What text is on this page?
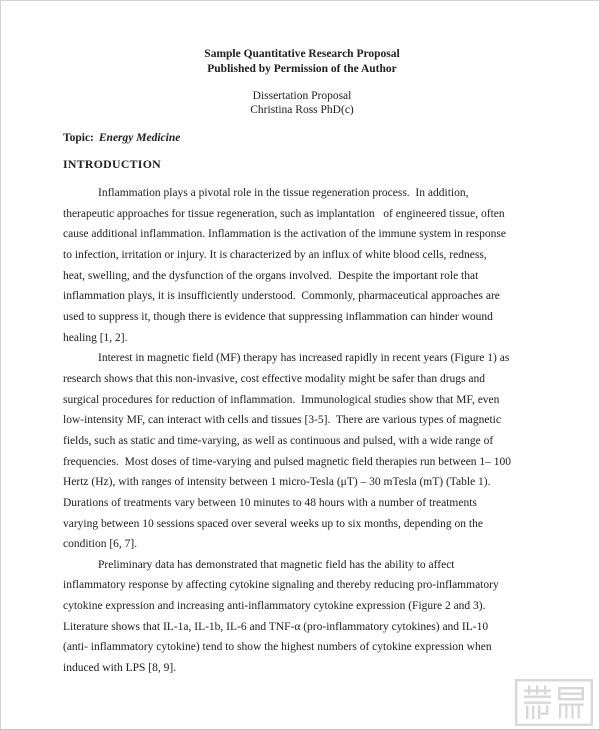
Sample Quantitative Research Proposal
Published by Permission of the Author
Dissertation Proposal
Christina Ross PhD(c)
Topic: Energy Medicine
INTRODUCTION
Inflammation plays a pivotal role in the tissue regeneration process.  In addition,
therapeutic approaches for tissue regeneration, such as implantation   of engineered tissue, often
cause additional inflammation. Inflammation is the activation of the immune system in response
to infection, irritation or injury. It is characterized by an influx of white blood cells, redness,
heat, swelling, and the dysfunction of the organs involved.  Despite the important role that
inflammation plays, it is insufficiently understood.  Commonly, pharmaceutical approaches are
used to suppress it, though there is evidence that suppressing inflammation can hinder wound
healing [1, 2].
Interest in magnetic field (MF) therapy has increased rapidly in recent years (Figure 1) as
research shows that this non-invasive, cost effective modality might be safer than drugs and
surgical procedures for reduction of inflammation.  Immunological studies show that MF, even
low-intensity MF, can interact with cells and tissues [3-5].  There are various types of magnetic
fields, such as static and time-varying, as well as continuous and pulsed, with a wide range of
frequencies.  Most doses of time-varying and pulsed magnetic field therapies run between 1– 100
Hertz (Hz), with ranges of intensity between 1 micro-Tesla (μT) – 30 mTesla (mT) (Table 1).
Durations of treatments vary between 10 minutes to 48 hours with a number of treatments
varying between 10 sessions spaced over several weeks up to six months, depending on the
condition [6, 7].
Preliminary data has demonstrated that magnetic field has the ability to affect
inflammatory response by affecting cytokine signaling and thereby reducing pro-inflammatory
cytokine expression and increasing anti-inflammatory cytokine expression (Figure 2 and 3).
Literature shows that IL-1a, IL-1b, IL-6 and TNF-α (pro-inflammatory cytokines) and IL-10
(anti- inflammatory cytokine) tend to show the highest numbers of cytokine expression when
induced with LPS [8, 9].
